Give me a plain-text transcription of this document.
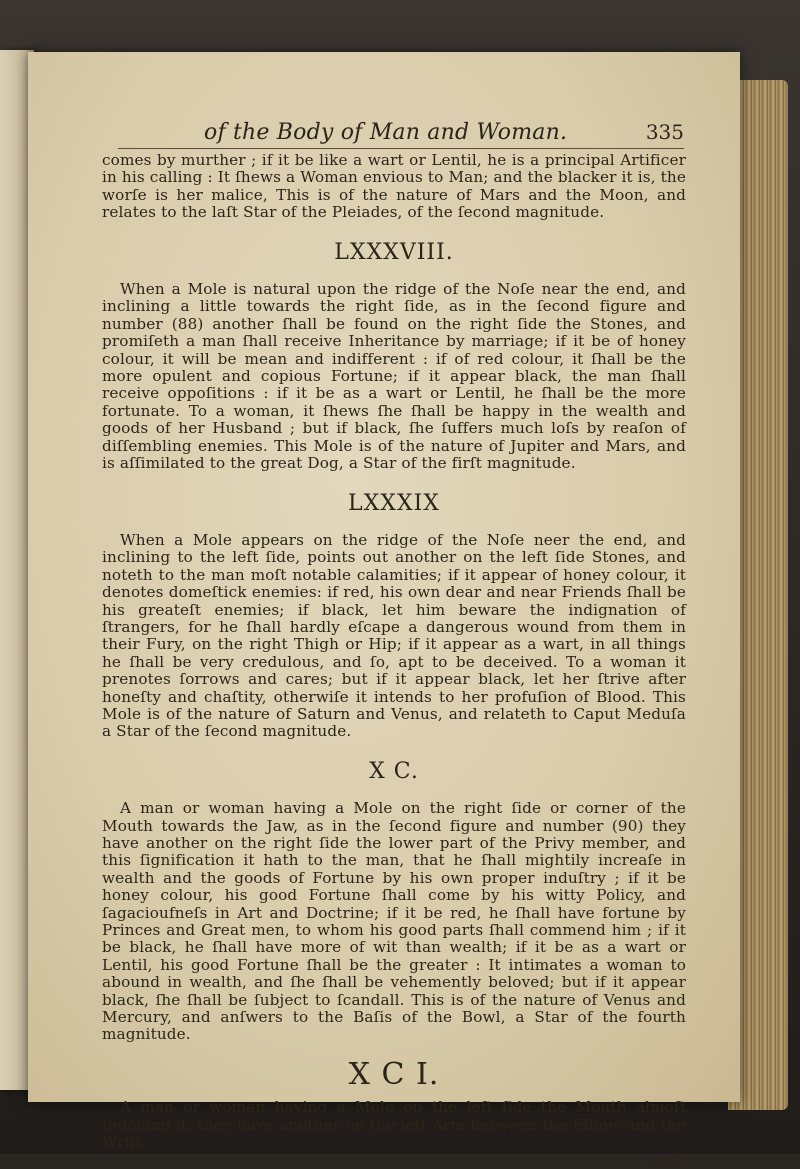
of the Body of Man and Woman.	335

comes by murther ; if it be like a wart or Lentil, he is a principal Artificer in his calling : It ſhews a Woman envious to Man; and the blacker it is, the worſe is her malice, This is of the nature of Mars and the Moon, and relates to the laſt Star of the Pleiades, of the ſecond magnitude.

LXXXVIII.

When a Mole is natural upon the ridge of the Noſe near the end, and inclining a little towards the right ſide, as in the ſecond figure and number (88) another ſhall be found on the right ſide the Stones, and promiſeth a man ſhall receive Inheritance by marriage; if it be of honey colour, it will be mean and indifferent : if of red colour, it ſhall be the more opulent and copious Fortune; if it appear black, the man ſhall receive oppoſitions : if it be as a wart or Lentil, he ſhall be the more fortunate. To a woman, it ſhews ſhe ſhall be happy in the wealth and goods of her Husband ; but if black, ſhe ſuffers much loſs by reaſon of diſſembling enemies. This Mole is of the nature of Jupiter and Mars, and is aſſimilated to the great Dog, a Star of the firſt magnitude.

LXXXIX

When a Mole appears on the ridge of the Noſe neer the end, and inclining to the left ſide, points out another on the left ſide Stones, and noteth to the man moſt notable calamities; if it appear of honey colour, it denotes domeſtick enemies: if red, his own dear and near Friends ſhall be his greateſt enemies; if black, let him beware the indignation of ſtrangers, for he ſhall hardly eſcape a dangerous wound from them in their Fury, on the right Thigh or Hip; if it appear as a wart, in all things he ſhall be very credulous, and ſo, apt to be deceived. To a woman it prenotes ſorrows and cares; but if it appear black, let her ſtrive after honeſty and chaſtity, otherwiſe it intends to her profuſion of Blood. This Mole is of the nature of Saturn and Venus, and relateth to Caput Meduſa a Star of the ſecond magnitude.

X C.

A man or woman having a Mole on the right ſide or corner of the Mouth towards the Jaw, as in the ſecond figure and number (90) they have another on the right ſide the lower part of the Privy member, and this ſignification it hath to the man, that he ſhall mightily increaſe in wealth and the goods of Fortune by his own proper induſtry ; if it be honey colour, his good Fortune ſhall come by his witty Policy, and ſagacioufneſs in Art and Doctrine; if it be red, he ſhall have fortune by Princes and Great men, to whom his good parts ſhall commend him ; if it be black, he ſhall have more of wit than wealth; if it be as a wart or Lentil, his good Fortune ſhall be the greater : It intimates a woman to abound in wealth, and ſhe ſhall be vehemently beloved; but if it appear black, ſhe ſhall be ſubject to ſcandall. This is of the nature of Venus and Mercury, and anſwers to the Baſis of the Bowl, a Star of the fourth magnitude.

X C I.

A man or woman having a Mole on the left ſide the Mouth almoſt touching it, they have another on the left Arm between the Elbow and the Wriſt,

and
